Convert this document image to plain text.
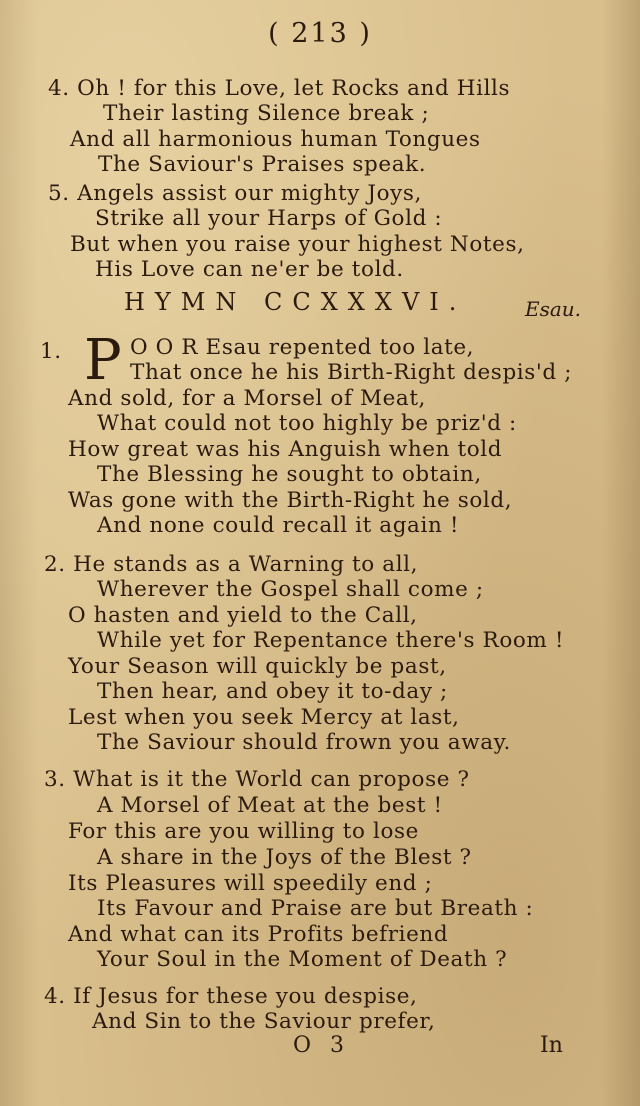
( 213 )
4. Oh ! for this Love, let Rocks and Hills
Their lasting Silence break ;
And all harmonious human Tongues
The Saviour's Praises speak.
5. Angels assist our mighty Joys,
Strike all your Harps of Gold :
But when you raise your highest Notes,
His Love can ne'er be told.
HYMN CCXXXVI.	Esau.
1. P O O R Esau repented too late,
That once he his Birth-Right despis'd ;
And sold, for a Morsel of Meat,
What could not too highly be priz'd :
How great was his Anguish when told
The Blessing he sought to obtain,
Was gone with the Birth-Right he sold,
And none could recall it again !
2. He stands as a Warning to all,
Wherever the Gospel shall come ;
O hasten and yield to the Call,
While yet for Repentance there's Room !
Your Season will quickly be past,
Then hear, and obey it to-day ;
Lest when you seek Mercy at last,
The Saviour should frown you away.
3. What is it the World can propose ?
A Morsel of Meat at the best !
For this are you willing to lose
A share in the Joys of the Blest ?
Its Pleasures will speedily end ;
Its Favour and Praise are but Breath :
And what can its Profits befriend
Your Soul in the Moment of Death ?
4. If Jesus for these you despise,
And Sin to the Saviour prefer,
O 3	In
